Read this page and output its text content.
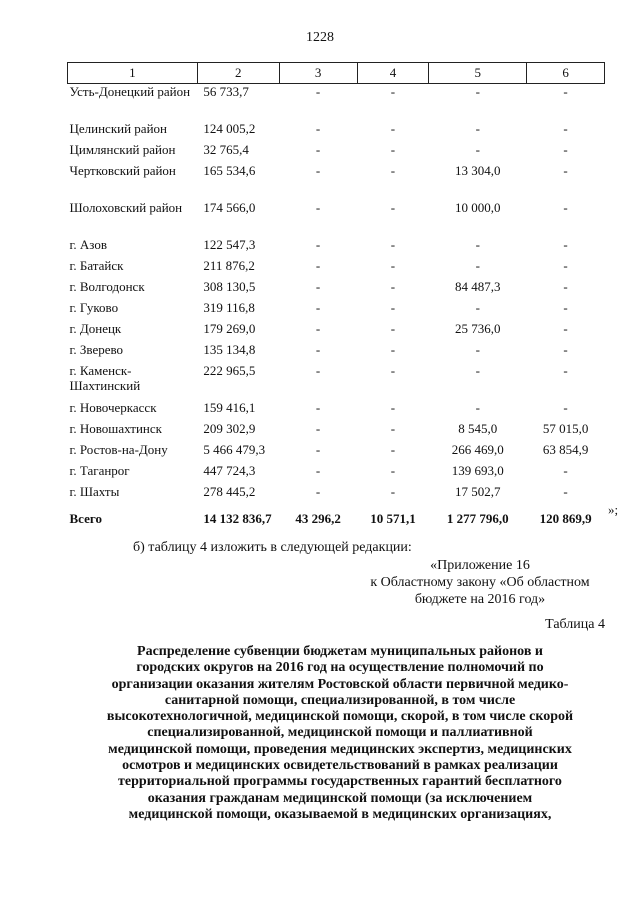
1228
1	2	3	4	5	6
Усть-Донецкий район	56 733,7	-	-	-	-
Целинский район	124 005,2	-	-	-	-
Цимлянский район	32 765,4	-	-	-	-
Чертковский район	165 534,6	-	-	13 304,0	-
Шолоховский район	174 566,0	-	-	10 000,0	-
г. Азов	122 547,3	-	-	-	-
г. Батайск	211 876,2	-	-	-	-
г. Волгодонск	308 130,5	-	-	84 487,3	-
г. Гуково	319 116,8	-	-	-	-
г. Донецк	179 269,0	-	-	25 736,0	-
г. Зверево	135 134,8	-	-	-	-
г. Каменск-Шахтинский	222 965,5	-	-	-	-
г. Новочеркасск	159 416,1	-	-	-	-
г. Новошахтинск	209 302,9	-	-	8 545,0	57 015,0
г. Ростов-на-Дону	5 466 479,3	-	-	266 469,0	63 854,9
г. Таганрог	447 724,3	-	-	139 693,0	-
г. Шахты	278 445,2	-	-	17 502,7	-
Всего	14 132 836,7	43 296,2	10 571,1	1 277 796,0	120 869,9
»;
б) таблицу 4 изложить в следующей редакции:
«Приложение 16
к Областному закону «Об областном
бюджете на 2016 год»
Таблица 4
Распределение субвенции бюджетам муниципальных районов и
городских округов на 2016 год на осуществление полномочий по
организации оказания жителям Ростовской области первичной медико-
санитарной помощи, специализированной, в том числе
высокотехнологичной, медицинской помощи, скорой, в том числе скорой
специализированной, медицинской помощи и паллиативной
медицинской помощи, проведения медицинских экспертиз, медицинских
осмотров и медицинских освидетельствований в рамках реализации
территориальной программы государственных гарантий бесплатного
оказания гражданам медицинской помощи (за исключением
медицинской помощи, оказываемой в медицинских организациях,
